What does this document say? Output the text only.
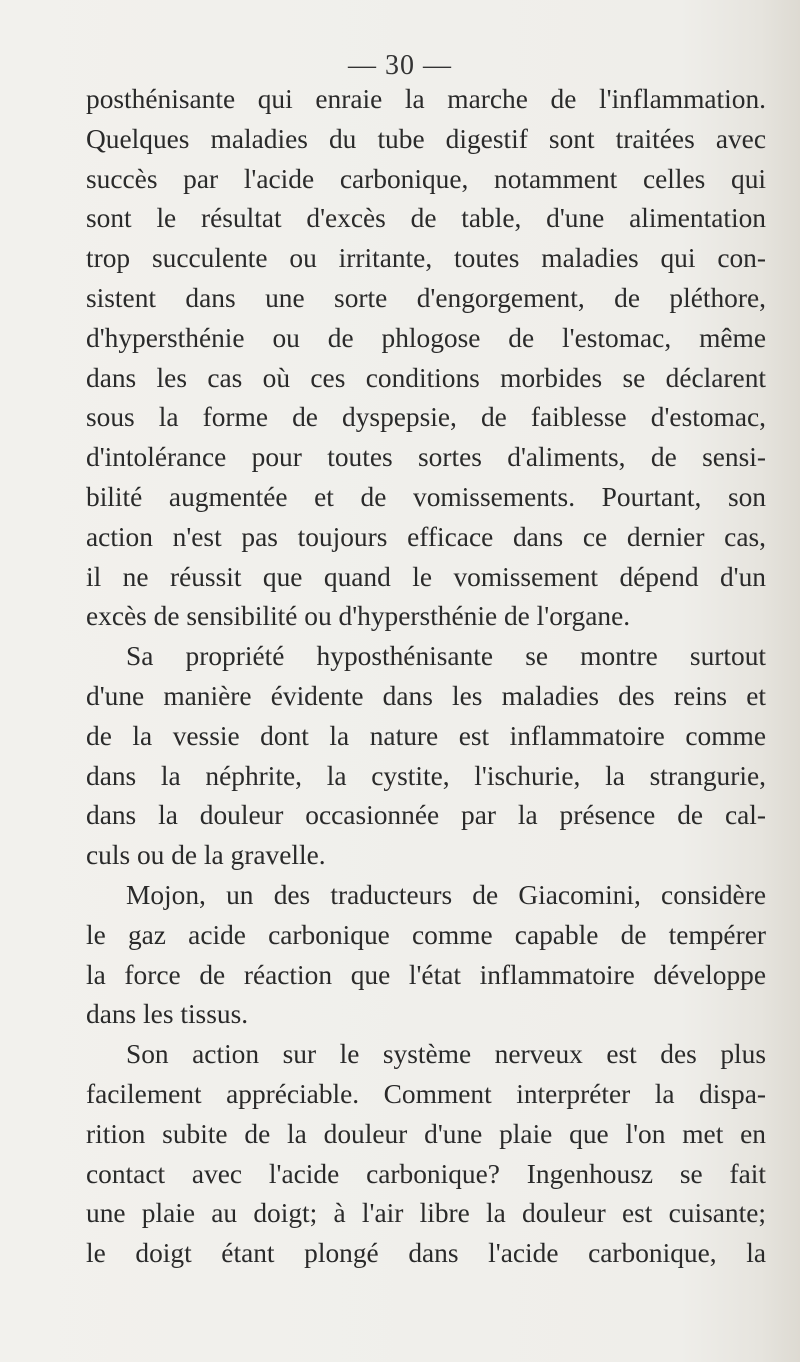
— 30 —
posthénisante qui enraie la marche de l'inflammation.
Quelques maladies du tube digestif sont traitées avec
succès par l'acide carbonique, notamment celles qui
sont le résultat d'excès de table, d'une alimentation
trop succulente ou irritante, toutes maladies qui con-
sistent dans une sorte d'engorgement, de pléthore,
d'hypersthénie ou de phlogose de l'estomac, même
dans les cas où ces conditions morbides se déclarent
sous la forme de dyspepsie, de faiblesse d'estomac,
d'intolérance pour toutes sortes d'aliments, de sensi-
bilité augmentée et de vomissements. Pourtant, son
action n'est pas toujours efficace dans ce dernier cas,
il ne réussit que quand le vomissement dépend d'un
excès de sensibilité ou d'hypersthénie de l'organe.
Sa propriété hyposthénisante se montre surtout
d'une manière évidente dans les maladies des reins et
de la vessie dont la nature est inflammatoire comme
dans la néphrite, la cystite, l'ischurie, la strangurie,
dans la douleur occasionnée par la présence de cal-
culs ou de la gravelle.
Mojon, un des traducteurs de Giacomini, considère
le gaz acide carbonique comme capable de tempérer
la force de réaction que l'état inflammatoire développe
dans les tissus.
Son action sur le système nerveux est des plus
facilement appréciable. Comment interpréter la dispa-
rition subite de la douleur d'une plaie que l'on met en
contact avec l'acide carbonique? Ingenhousz se fait
une plaie au doigt; à l'air libre la douleur est cuisante;
le doigt étant plongé dans l'acide carbonique, la
